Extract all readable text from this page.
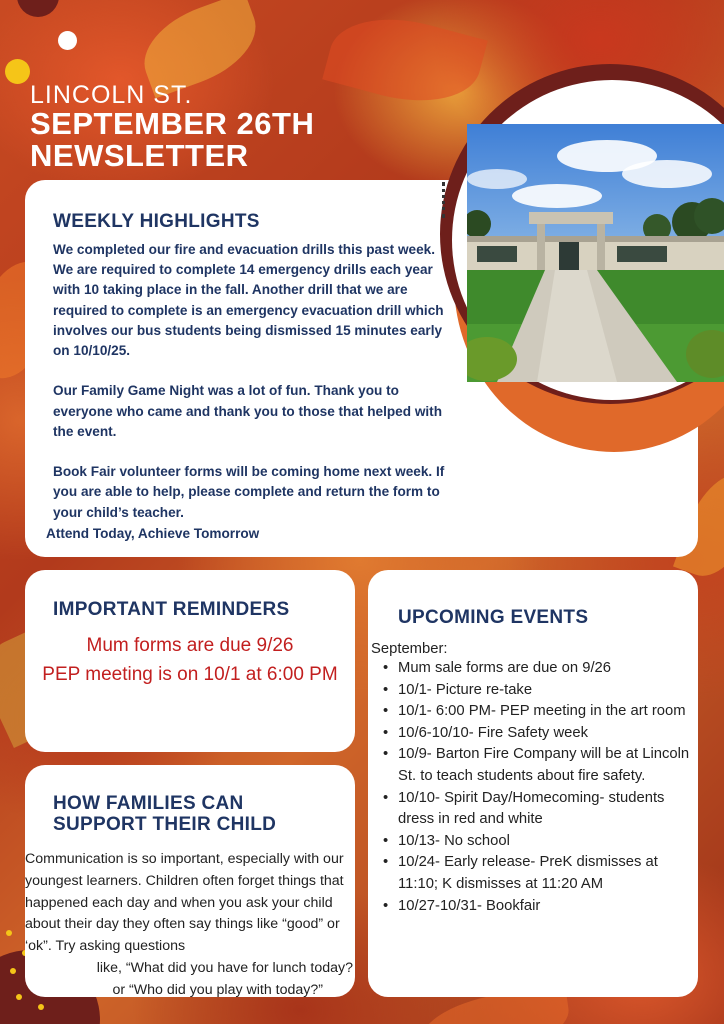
LINCOLN ST.
SEPTEMBER 26TH
NEWSLETTER
WEEKLY HIGHLIGHTS

We completed our fire and evacuation drills this past week. We are required to complete 14 emergency drills each year with 10 taking place in the fall. Another drill that we are required to complete is an emergency evacuation drill which involves our bus students being dismissed 15 minutes early on 10/10/25.

Our Family Game Night was a lot of fun. Thank you to everyone who came and thank you to those that helped with the event.

Book Fair volunteer forms will be coming home next week. If you are able to help, please complete and return the form to your child’s teacher.

Attend Today, Achieve Tomorrow
IMPORTANT REMINDERS
Mum forms are due 9/26
PEP meeting is on 10/1 at 6:00 PM
HOW FAMILIES CAN
SUPPORT THEIR CHILD
Communication is so important, especially with our youngest learners. Children often forget things that happened each day and when you ask your child about their day they often say things like “good” or ‘ok”. Try asking questions
like, “What did you have for lunch today?
or “Who did you play with today?”
UPCOMING EVENTS
September:
• Mum sale forms are due on 9/26
• 10/1- Picture re-take
• 10/1- 6:00 PM- PEP meeting in the art room
• 10/6-10/10- Fire Safety week
• 10/9- Barton Fire Company will be at Lincoln St. to teach students about fire safety.
• 10/10- Spirit Day/Homecoming- students dress in red and white
• 10/13- No school
• 10/24- Early release- PreK dismisses at 11:10; K dismisses at 11:20 AM
• 10/27-10/31- Bookfair
